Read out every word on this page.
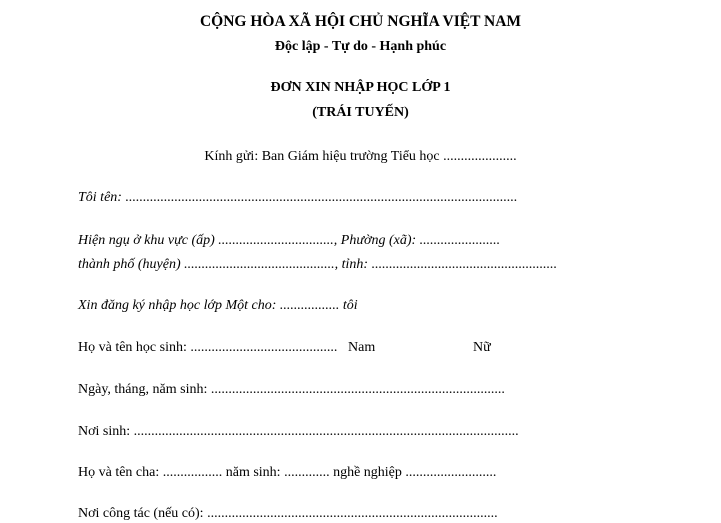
CỘNG HÒA XÃ HỘI CHỦ NGHĨA VIỆT NAM
Độc lập - Tự do - Hạnh phúc
ĐƠN XIN NHẬP HỌC LỚP 1
(TRÁI TUYẾN)
Kính gửi: Ban Giám hiệu trường Tiểu học .....................
Tôi tên: ................................................................................................................
Hiện ngụ ở khu vực (ấp) ................................., Phường (xã): .......................
thành phố (huyện) ..........................................., tỉnh: .....................................................
Xin đăng ký nhập học lớp Một cho: ................. tôi
Họ và tên học sinh: .......................................... Nam	Nữ
Ngày, tháng, năm sinh: ....................................................................................
Nơi sinh: ..............................................................................................................
Họ và tên cha: ................. năm sinh: ............. nghề nghiệp ..........................
Nơi công tác (nếu có): ...................................................................................
